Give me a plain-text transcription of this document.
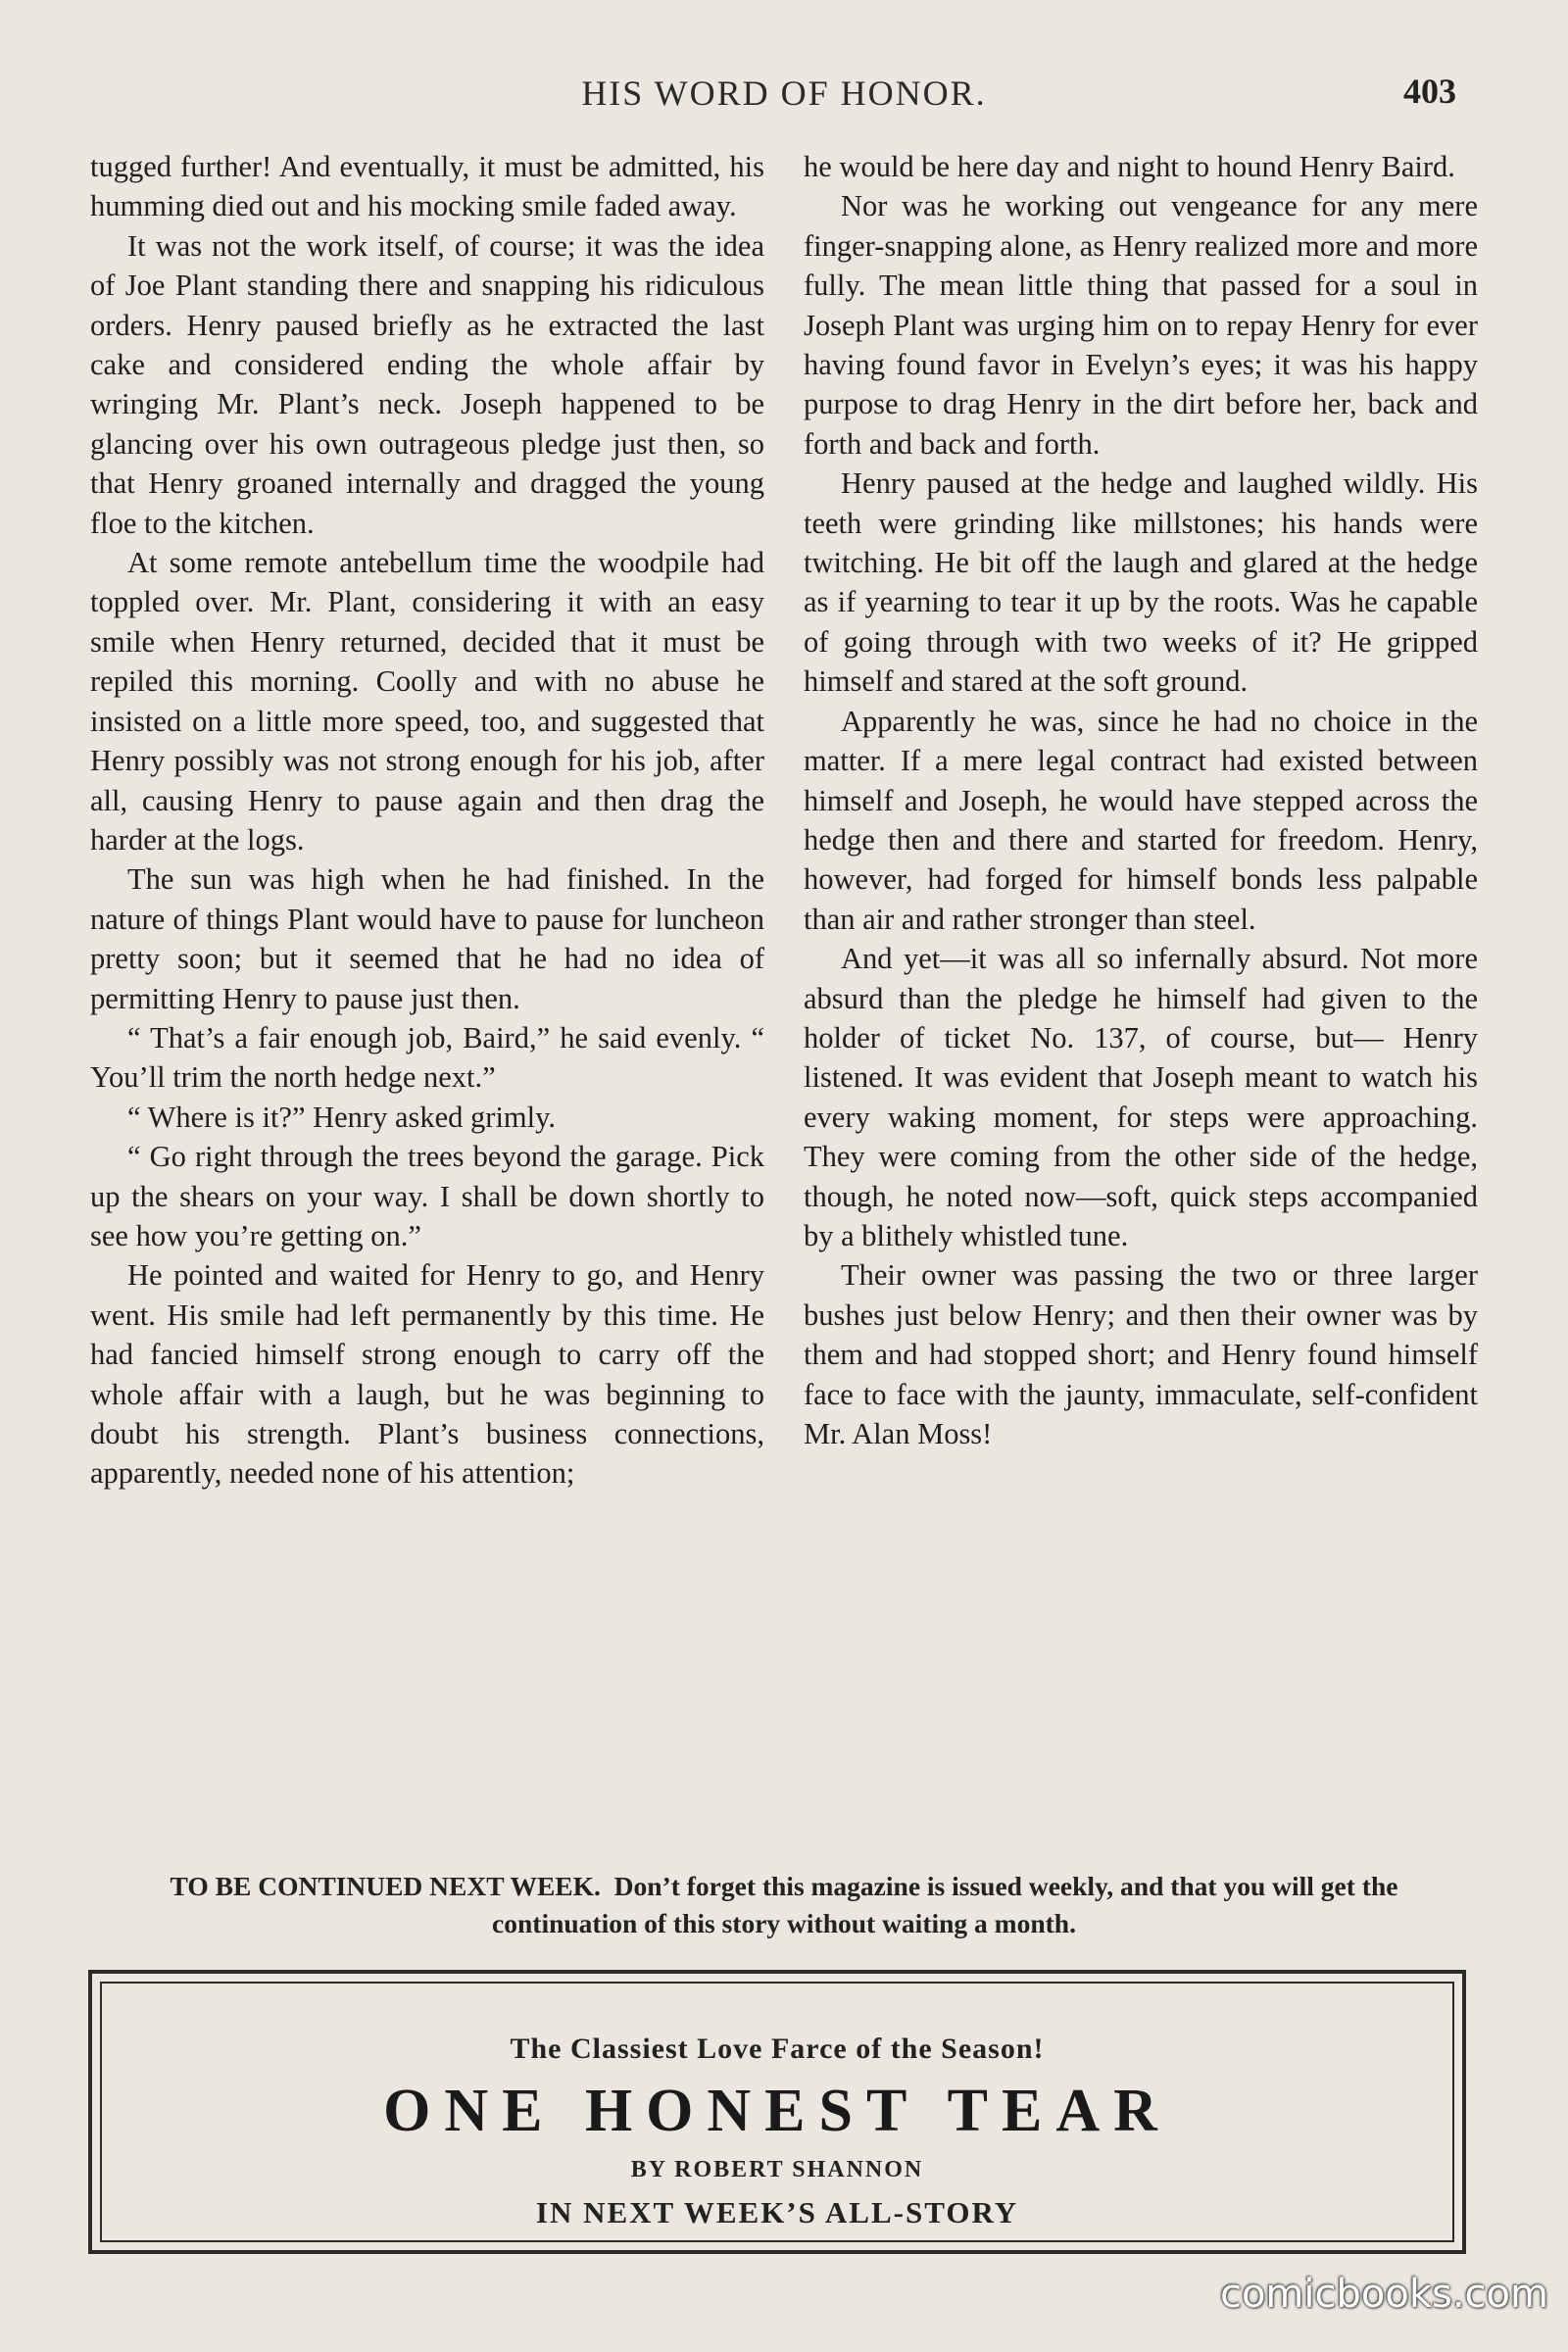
HIS WORD OF HONOR.	403

tugged further! And eventually, it must be admitted, his humming died out and his mocking smile faded away.

It was not the work itself, of course; it was the idea of Joe Plant standing there and snapping his ridiculous orders. Henry paused briefly as he extracted the last cake and considered ending the whole affair by wringing Mr. Plant’s neck. Joseph happened to be glancing over his own outrageous pledge just then, so that Henry groaned internally and dragged the young floe to the kitchen.

At some remote antebellum time the woodpile had toppled over. Mr. Plant, considering it with an easy smile when Henry returned, decided that it must be repiled this morning. Coolly and with no abuse he insisted on a little more speed, too, and suggested that Henry possibly was not strong enough for his job, after all, causing Henry to pause again and then drag the harder at the logs.

The sun was high when he had finished. In the nature of things Plant would have to pause for luncheon pretty soon; but it seemed that he had no idea of permitting Henry to pause just then.

“ That’s a fair enough job, Baird,” he said evenly. “ You’ll trim the north hedge next.”

“ Where is it?” Henry asked grimly.

“ Go right through the trees beyond the garage. Pick up the shears on your way. I shall be down shortly to see how you’re getting on.”

He pointed and waited for Henry to go, and Henry went. His smile had left permanently by this time. He had fancied himself strong enough to carry off the whole affair with a laugh, but he was beginning to doubt his strength. Plant’s business connections, apparently, needed none of his attention;

he would be here day and night to hound Henry Baird.

Nor was he working out vengeance for any mere finger-snapping alone, as Henry realized more and more fully. The mean little thing that passed for a soul in Joseph Plant was urging him on to repay Henry for ever having found favor in Evelyn’s eyes; it was his happy purpose to drag Henry in the dirt before her, back and forth and back and forth.

Henry paused at the hedge and laughed wildly. His teeth were grinding like millstones; his hands were twitching. He bit off the laugh and glared at the hedge as if yearning to tear it up by the roots. Was he capable of going through with two weeks of it? He gripped himself and stared at the soft ground.

Apparently he was, since he had no choice in the matter. If a mere legal contract had existed between himself and Joseph, he would have stepped across the hedge then and there and started for freedom. Henry, however, had forged for himself bonds less palpable than air and rather stronger than steel.

And yet—it was all so infernally absurd. Not more absurd than the pledge he himself had given to the holder of ticket No. 137, of course, but— Henry listened. It was evident that Joseph meant to watch his every waking moment, for steps were approaching. They were coming from the other side of the hedge, though, he noted now—soft, quick steps accompanied by a blithely whistled tune.

Their owner was passing the two or three larger bushes just below Henry; and then their owner was by them and had stopped short; and Henry found himself face to face with the jaunty, immaculate, self-confident Mr. Alan Moss!

TO BE CONTINUED NEXT WEEK. Don’t forget this magazine is issued weekly, and that you will get the continuation of this story without waiting a month.
The Classiest Love Farce of the Season!
ONE HONEST TEAR
BY ROBERT SHANNON
IN NEXT WEEK’S ALL-STORY
comicbooks.com
